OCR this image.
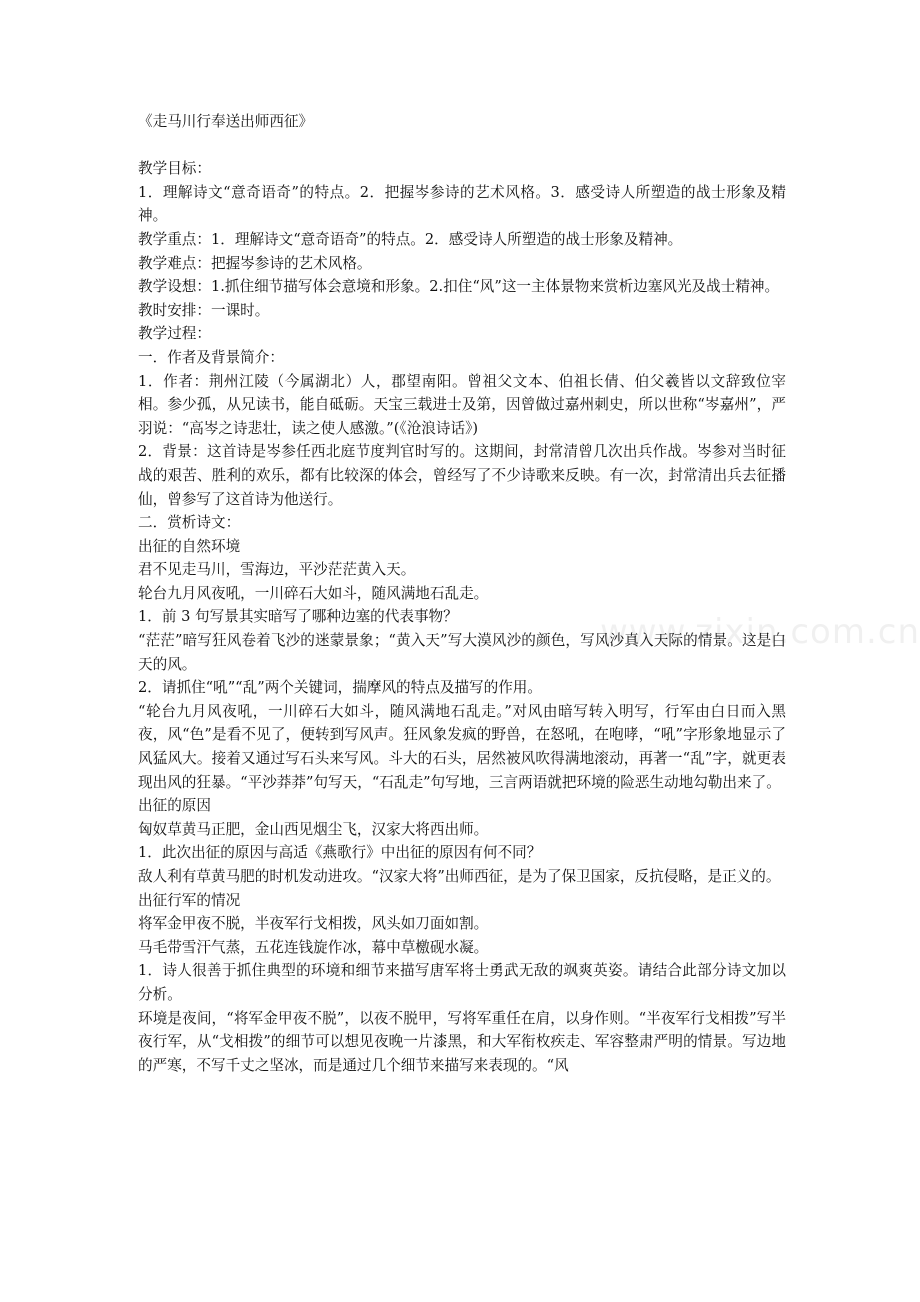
《走马川行奉送出师西征》

教学目标：

1．理解诗文“意奇语奇”的特点。2．把握岑参诗的艺术风格。3．感受诗人所塑造的战士形象及精神。

教学重点：1．理解诗文“意奇语奇”的特点。2．感受诗人所塑造的战士形象及精神。

教学难点：把握岑参诗的艺术风格。

教学设想：1.抓住细节描写体会意境和形象。2.扣住“风”这一主体景物来赏析边塞风光及战士精神。

教时安排：一课时。

教学过程：

一．作者及背景简介：

1．作者：荆州江陵（今属湖北）人，郡望南阳。曾祖父文本、伯祖长倩、伯父羲皆以文辞致位宰相。参少孤，从兄读书，能自砥砺。天宝三载进士及第，因曾做过嘉州刺史，所以世称“岑嘉州”，严羽说：“高岑之诗悲壮，读之使人感激。”(《沧浪诗话》)

2．背景：这首诗是岑参任西北庭节度判官时写的。这期间，封常清曾几次出兵作战。岑参对当时征战的艰苦、胜利的欢乐，都有比较深的体会，曾经写了不少诗歌来反映。有一次，封常清出兵去征播仙，曾参写了这首诗为他送行。

二．赏析诗文：

出征的自然环境

君不见走马川，雪海边，平沙茫茫黄入天。

轮台九月风夜吼，一川碎石大如斗，随风满地石乱走。

1．前 3 句写景其实暗写了哪种边塞的代表事物？

“茫茫”暗写狂风卷着飞沙的迷蒙景象；“黄入天”写大漠风沙的颜色，写风沙真入天际的情景。这是白天的风。

2．请抓住“吼”“乱”两个关键词，揣摩风的特点及描写的作用。

“轮台九月风夜吼，一川碎石大如斗，随风满地石乱走。”对风由暗写转入明写，行军由白日而入黑夜，风“色”是看不见了，便转到写风声。狂风象发疯的野兽，在怒吼，在咆哮，“吼”字形象地显示了风猛风大。接着又通过写石头来写风。斗大的石头，居然被风吹得满地滚动，再著一“乱”字，就更表现出风的狂暴。“平沙莽莽”句写天，“石乱走”句写地，三言两语就把环境的险恶生动地勾勒出来了。

出征的原因

匈奴草黄马正肥，金山西见烟尘飞，汉家大将西出师。

1．此次出征的原因与高适《燕歌行》中出征的原因有何不同？

敌人利有草黄马肥的时机发动进攻。“汉家大将”出师西征，是为了保卫国家，反抗侵略，是正义的。

出征行军的情况

将军金甲夜不脱，半夜军行戈相拨，风头如刀面如割。

马毛带雪汗气蒸，五花连钱旋作冰，幕中草檄砚水凝。

1．诗人很善于抓住典型的环境和细节来描写唐军将士勇武无敌的飒爽英姿。请结合此部分诗文加以分析。

环境是夜间，“将军金甲夜不脱”，以夜不脱甲，写将军重任在肩，以身作则。“半夜军行戈相拨”写半夜行军，从“戈相拨”的细节可以想见夜晚一片漆黑，和大军衔枚疾走、军容整肃严明的情景。写边地的严寒，不写千丈之坚冰，而是通过几个细节来描写来表现的。“风

www.zixin.com.cn
